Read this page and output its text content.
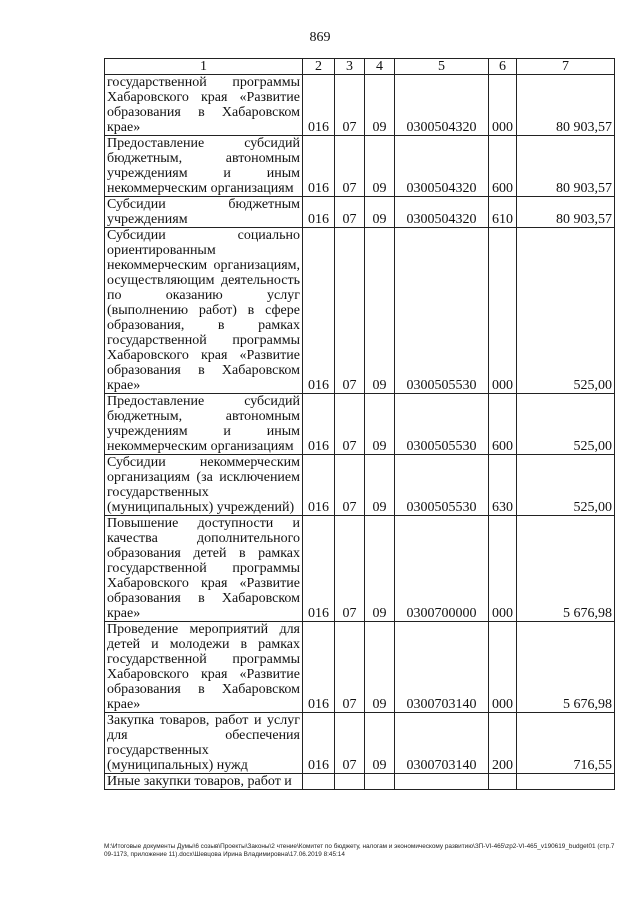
869
1	2	3	4	5	6	7
государственной программы Хабаровского края «Развитие образования в Хабаровском крае»	016	07	09	0300504320	000	80 903,57
Предоставление субсидий бюджетным, автономным учреждениям и иным некоммерческим организациям	016	07	09	0300504320	600	80 903,57
Субсидии бюджетным учреждениям	016	07	09	0300504320	610	80 903,57
Субсидии социально ориентированным некоммерческим организациям, осуществляющим деятельность по оказанию услуг (выполнению работ) в сфере образования, в рамках государственной программы Хабаровского края «Развитие образования в Хабаровском крае»	016	07	09	0300505530	000	525,00
Предоставление субсидий бюджетным, автономным учреждениям и иным некоммерческим организациям	016	07	09	0300505530	600	525,00
Субсидии некоммерческим организациям (за исключением государственных (муниципальных) учреждений)	016	07	09	0300505530	630	525,00
Повышение доступности и качества дополнительного образования детей в рамках государственной программы Хабаровского края «Развитие образования в Хабаровском крае»	016	07	09	0300700000	000	5 676,98
Проведение мероприятий для детей и молодежи в рамках государственной программы Хабаровского края «Развитие образования в Хабаровском крае»	016	07	09	0300703140	000	5 676,98
Закупка товаров, работ и услуг для обеспечения государственных (муниципальных) нужд	016	07	09	0300703140	200	716,55
Иные закупки товаров, работ и						
M:\Итоговые документы Думы\6 созыв\Проекты\Законы\2 чтение\Комитет по бюджету, налогам и экономическому развитию\ЗП-VI-465\zp2-VI-465_v190619_budget01 (стр.709-1173, приложение 11).docx\Шевцова Ирина Владимировна\17.06.2019 8:45:14
